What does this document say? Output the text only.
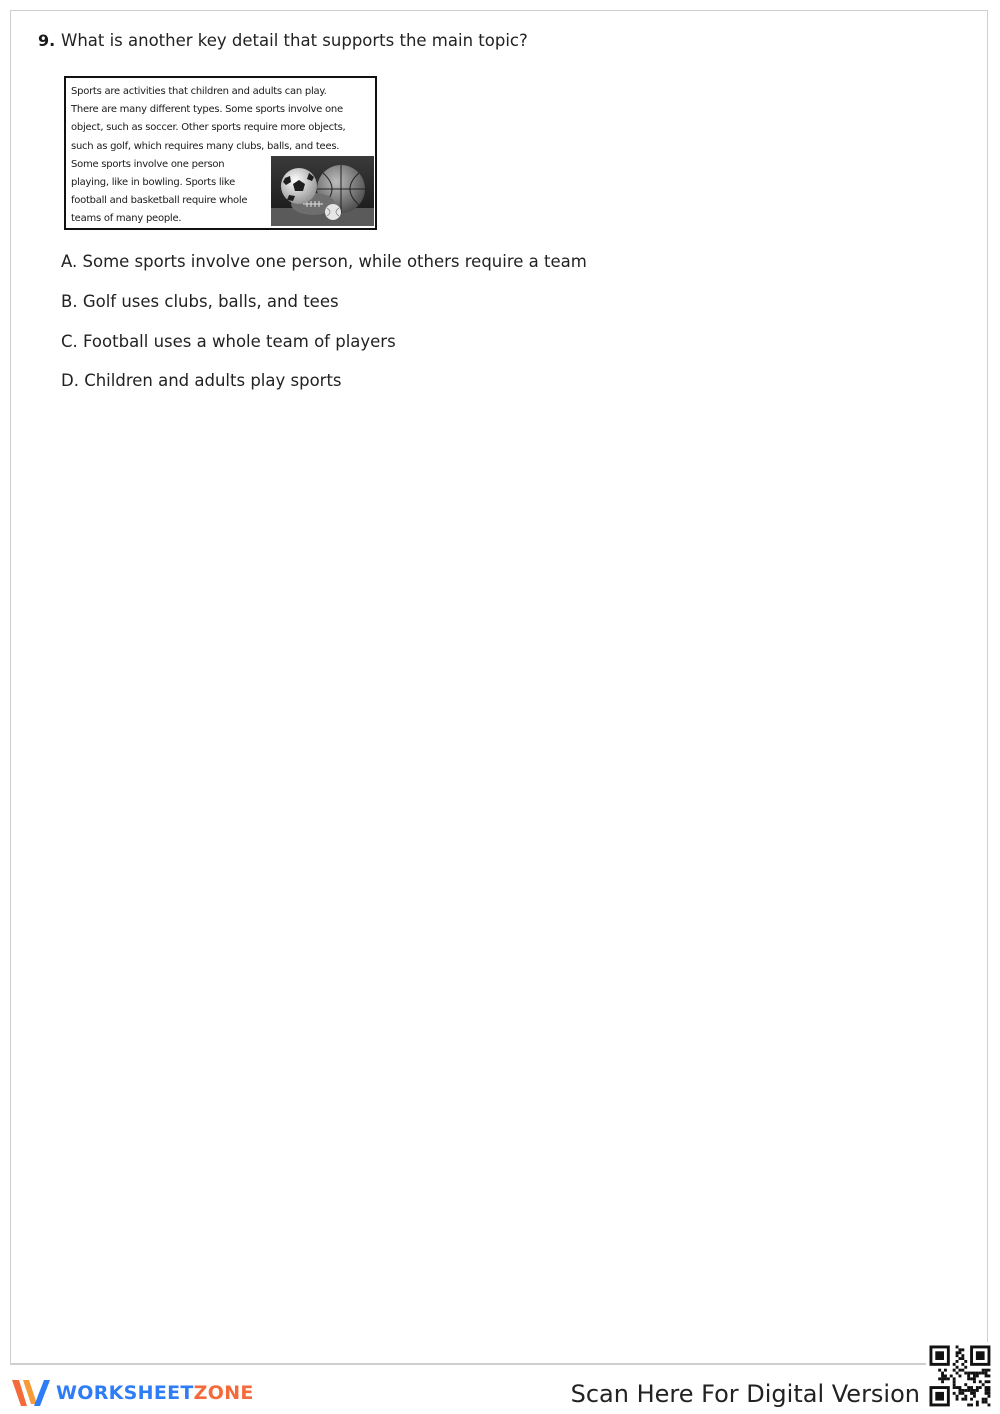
9. What is another key detail that supports the main topic?
Sports are activities that children and adults can play.
There are many different types. Some sports involve one
object, such as soccer. Other sports require more objects,
such as golf, which requires many clubs, balls, and tees.
Some sports involve one person
playing, like in bowling. Sports like
football and basketball require whole
teams of many people.
A. Some sports involve one person, while others require a team
B. Golf uses clubs, balls, and tees
C. Football uses a whole team of players
D. Children and adults play sports
WORKSHEETZONE	Scan Here For Digital Version
